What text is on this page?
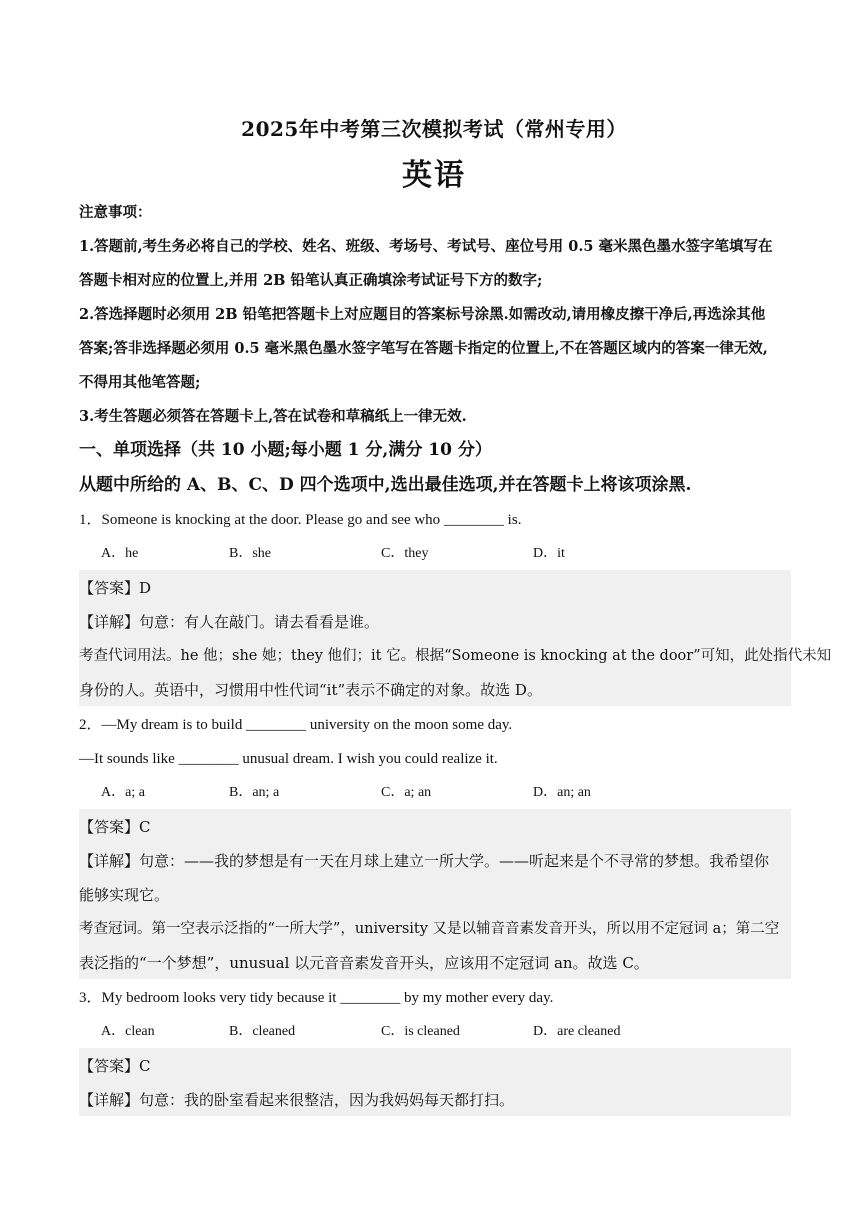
2025年中考第三次模拟考试（常州专用）
英语
注意事项：
1.答题前,考生务必将自己的学校、姓名、班级、考场号、考试号、座位号用 0.5 毫米黑色墨水签字笔填写在
答题卡相对应的位置上,并用 2B 铅笔认真正确填涂考试证号下方的数字;
2.答选择题时必须用 2B 铅笔把答题卡上对应题目的答案标号涂黑.如需改动,请用橡皮擦干净后,再选涂其他
答案;答非选择题必须用 0.5 毫米黑色墨水签字笔写在答题卡指定的位置上,不在答题区域内的答案一律无效,
不得用其他笔答题;
3.考生答题必须答在答题卡上,答在试卷和草稿纸上一律无效.
一、单项选择（共 10 小题;每小题 1 分,满分 10 分）
从题中所给的 A、B、C、D 四个选项中,选出最佳选项,并在答题卡上将该项涂黑.
1．Someone is knocking at the door. Please go and see who ________ is.
A．he	B．she	C．they	D．it
【答案】D
【详解】句意：有人在敲门。请去看看是谁。
考查代词用法。he 他；she 她；they 他们；it 它。根据“Someone is knocking at the door”可知，此处指代未知
身份的人。英语中，习惯用中性代词“it”表示不确定的对象。故选 D。
2．—My dream is to build ________ university on the moon some day.
—It sounds like ________ unusual dream. I wish you could realize it.
A．a; a	B．an; a	C．a; an	D．an; an
【答案】C
【详解】句意：——我的梦想是有一天在月球上建立一所大学。——听起来是个不寻常的梦想。我希望你
能够实现它。
考查冠词。第一空表示泛指的“一所大学”，university 又是以辅音音素发音开头，所以用不定冠词 a；第二空
表泛指的“一个梦想”，unusual 以元音音素发音开头，应该用不定冠词 an。故选 C。
3．My bedroom looks very tidy because it ________ by my mother every day.
A．clean	B．cleaned	C．is cleaned	D．are cleaned
【答案】C
【详解】句意：我的卧室看起来很整洁，因为我妈妈每天都打扫。
